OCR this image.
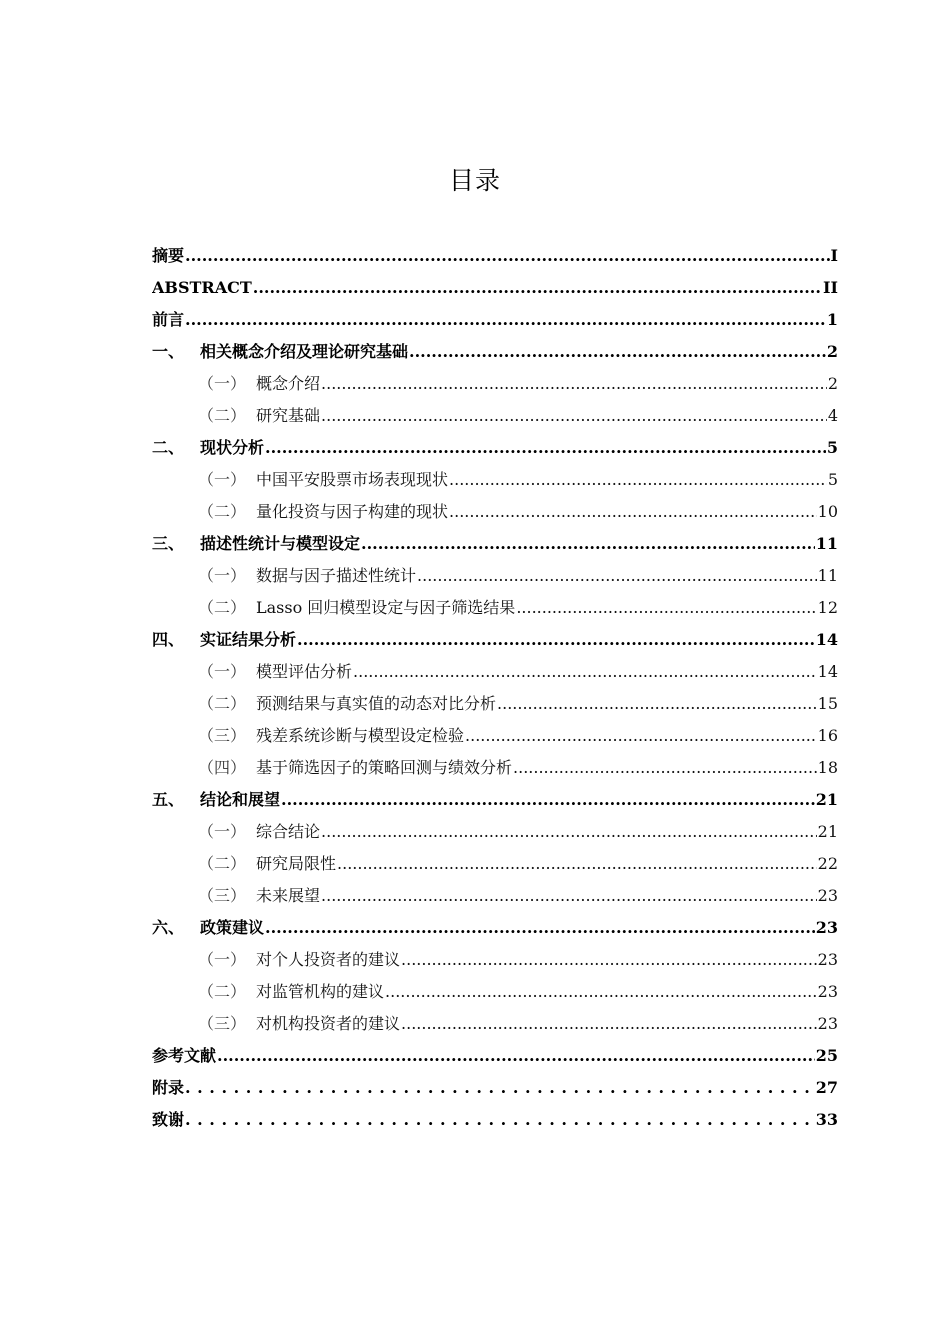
目录
摘要 .....	I
ABSTRACT .....	II
前言 .....	1
一、 相关概念介绍及理论研究基础 .....	2
（一） 概念介绍 .....	2
（二） 研究基础 .....	4
二、 现状分析 .....	5
（一） 中国平安股票市场表现现状 .....	5
（二） 量化投资与因子构建的现状 .....	10
三、 描述性统计与模型设定 .....	11
（一） 数据与因子描述性统计 .....	11
（二） Lasso 回归模型设定与因子筛选结果 .....	12
四、 实证结果分析 .....	14
（一） 模型评估分析 .....	14
（二） 预测结果与真实值的动态对比分析 .....	15
（三） 残差系统诊断与模型设定检验 .....	16
（四） 基于筛选因子的策略回测与绩效分析 .....	18
五、 结论和展望 .....	21
（一） 综合结论 .....	21
（二） 研究局限性 .....	22
（三） 未来展望 .....	23
六、 政策建议 .....	23
（一） 对个人投资者的建议 .....	23
（二） 对监管机构的建议 .....	23
（三） 对机构投资者的建议 .....	23
参考文献 .....	25
附录 . . .	27
致谢 . . .	33
